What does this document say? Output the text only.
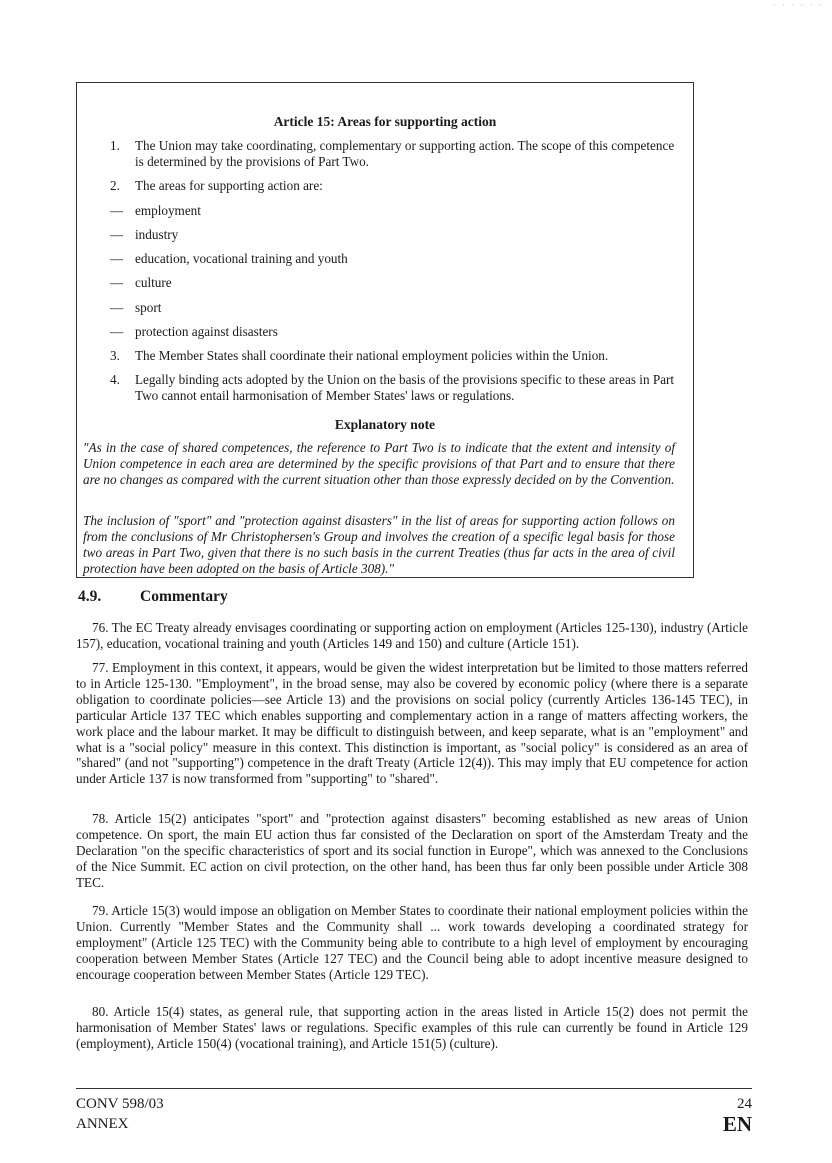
· · · · · ·
Article 15: Areas for supporting action
1. The Union may take coordinating, complementary or supporting action. The scope of this competence is determined by the provisions of Part Two.
2. The areas for supporting action are:
— employment
— industry
— education, vocational training and youth
— culture
— sport
— protection against disasters
3. The Member States shall coordinate their national employment policies within the Union.
4. Legally binding acts adopted by the Union on the basis of the provisions specific to these areas in Part Two cannot entail harmonisation of Member States' laws or regulations.
Explanatory note
"As in the case of shared competences, the reference to Part Two is to indicate that the extent and intensity of Union competence in each area are determined by the specific provisions of that Part and to ensure that there are no changes as compared with the current situation other than those expressly decided on by the Convention.
The inclusion of "sport" and "protection against disasters" in the list of areas for supporting action follows on from the conclusions of Mr Christophersen's Group and involves the creation of a specific legal basis for those two areas in Part Two, given that there is no such basis in the current Treaties (thus far acts in the area of civil protection have been adopted on the basis of Article 308)."
4.9.	Commentary
76. The EC Treaty already envisages coordinating or supporting action on employment (Articles 125-130), industry (Article 157), education, vocational training and youth (Articles 149 and 150) and culture (Article 151).
77. Employment in this context, it appears, would be given the widest interpretation but be limited to those matters referred to in Article 125-130. "Employment", in the broad sense, may also be covered by economic policy (where there is a separate obligation to coordinate policies—see Article 13) and the provisions on social policy (currently Articles 136-145 TEC), in particular Article 137 TEC which enables supporting and complementary action in a range of matters affecting workers, the work place and the labour market. It may be difficult to distinguish between, and keep separate, what is an "employment" and what is a "social policy" measure in this context. This distinction is important, as "social policy" is considered as an area of "shared" (and not "supporting") competence in the draft Treaty (Article 12(4)). This may imply that EU competence for action under Article 137 is now transformed from "supporting" to "shared".
78. Article 15(2) anticipates "sport" and "protection against disasters" becoming established as new areas of Union competence. On sport, the main EU action thus far consisted of the Declaration on sport of the Amsterdam Treaty and the Declaration "on the specific characteristics of sport and its social function in Europe", which was annexed to the Conclusions of the Nice Summit. EC action on civil protection, on the other hand, has been thus far only been possible under Article 308 TEC.
79. Article 15(3) would impose an obligation on Member States to coordinate their national employment policies within the Union. Currently "Member States and the Community shall ... work towards developing a coordinated strategy for employment" (Article 125 TEC) with the Community being able to contribute to a high level of employment by encouraging cooperation between Member States (Article 127 TEC) and the Council being able to adopt incentive measure designed to encourage cooperation between Member States (Article 129 TEC).
80. Article 15(4) states, as general rule, that supporting action in the areas listed in Article 15(2) does not permit the harmonisation of Member States' laws or regulations. Specific examples of this rule can currently be found in Article 129 (employment), Article 150(4) (vocational training), and Article 151(5) (culture).
CONV 598/03
ANNEX
24
EN
